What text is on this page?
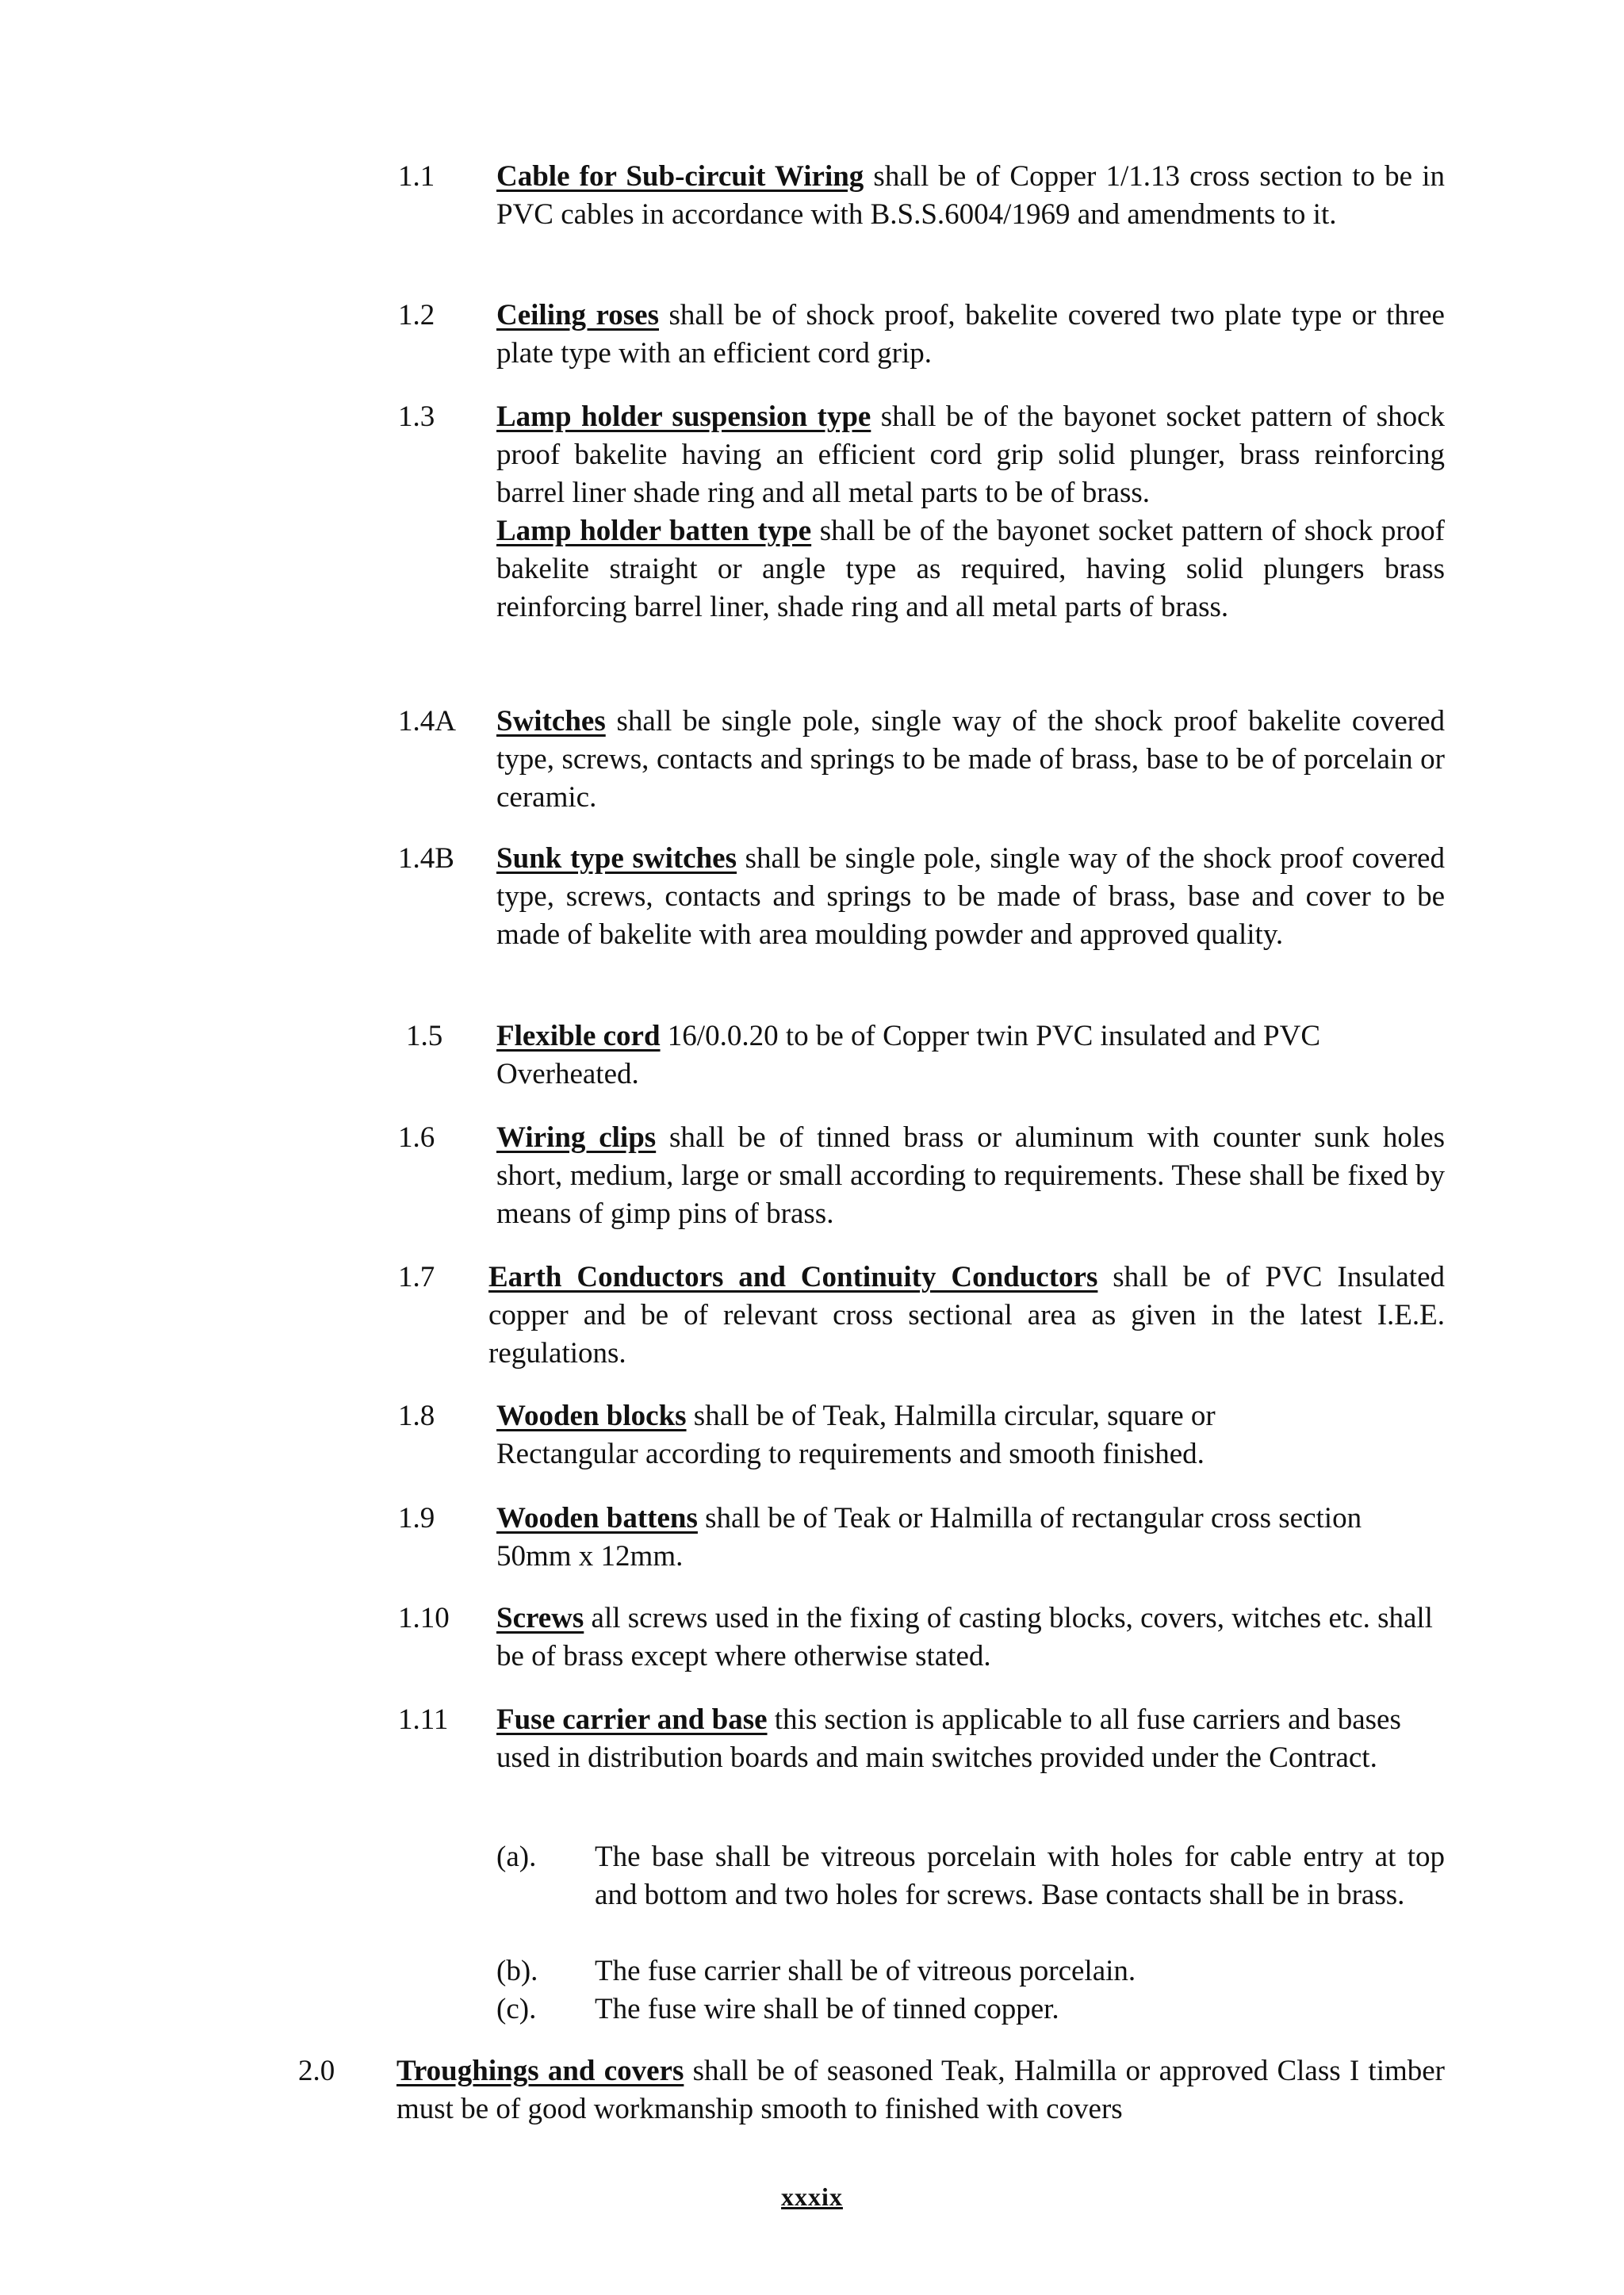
1.1 Cable for Sub-circuit Wiring shall be of Copper 1/1.13 cross section to be in PVC cables in accordance with B.S.S.6004/1969 and amendments to it.

1.2 Ceiling roses shall be of shock proof, bakelite covered two plate type or three plate type with an efficient cord grip.

1.3 Lamp holder suspension type shall be of the bayonet socket pattern of shock proof bakelite having an efficient cord grip solid plunger, brass reinforcing barrel liner shade ring and all metal parts to be of brass.

Lamp holder batten type shall be of the bayonet socket pattern of shock proof bakelite straight or angle type as required, having solid plungers brass reinforcing barrel liner, shade ring and all metal parts of brass.

1.4A Switches shall be single pole, single way of the shock proof bakelite covered type, screws, contacts and springs to be made of brass, base to be of porcelain or ceramic.

1.4B Sunk type switches shall be single pole, single way of the shock proof covered type, screws, contacts and springs to be made of brass, base and cover to be made of bakelite with area moulding powder and approved quality.

1.5 Flexible cord 16/0.0.20 to be of Copper twin PVC insulated and PVC Overheated.

1.6 Wiring clips shall be of tinned brass or aluminum with counter sunk holes short, medium, large or small according to requirements. These shall be fixed by means of gimp pins of brass.

1.7 Earth Conductors and Continuity Conductors shall be of PVC Insulated copper and be of relevant cross sectional area as given in the latest I.E.E. regulations.

1.8 Wooden blocks shall be of Teak, Halmilla circular, square or Rectangular according to requirements and smooth finished.

1.9 Wooden battens shall be of Teak or Halmilla of rectangular cross section 50mm x 12mm.

1.10 Screws all screws used in the fixing of casting blocks, covers, witches etc. shall be of brass except where otherwise stated.

1.11 Fuse carrier and base this section is applicable to all fuse carriers and bases used in distribution boards and main switches provided under the Contract.

(a). The base shall be vitreous porcelain with holes for cable entry at top and bottom and two holes for screws. Base contacts shall be in brass.
(b). The fuse carrier shall be of vitreous porcelain.
(c). The fuse wire shall be of tinned copper.
2.0 Troughings and covers shall be of seasoned Teak, Halmilla or approved Class I timber must be of good workmanship smooth to finished with covers

xxxix
